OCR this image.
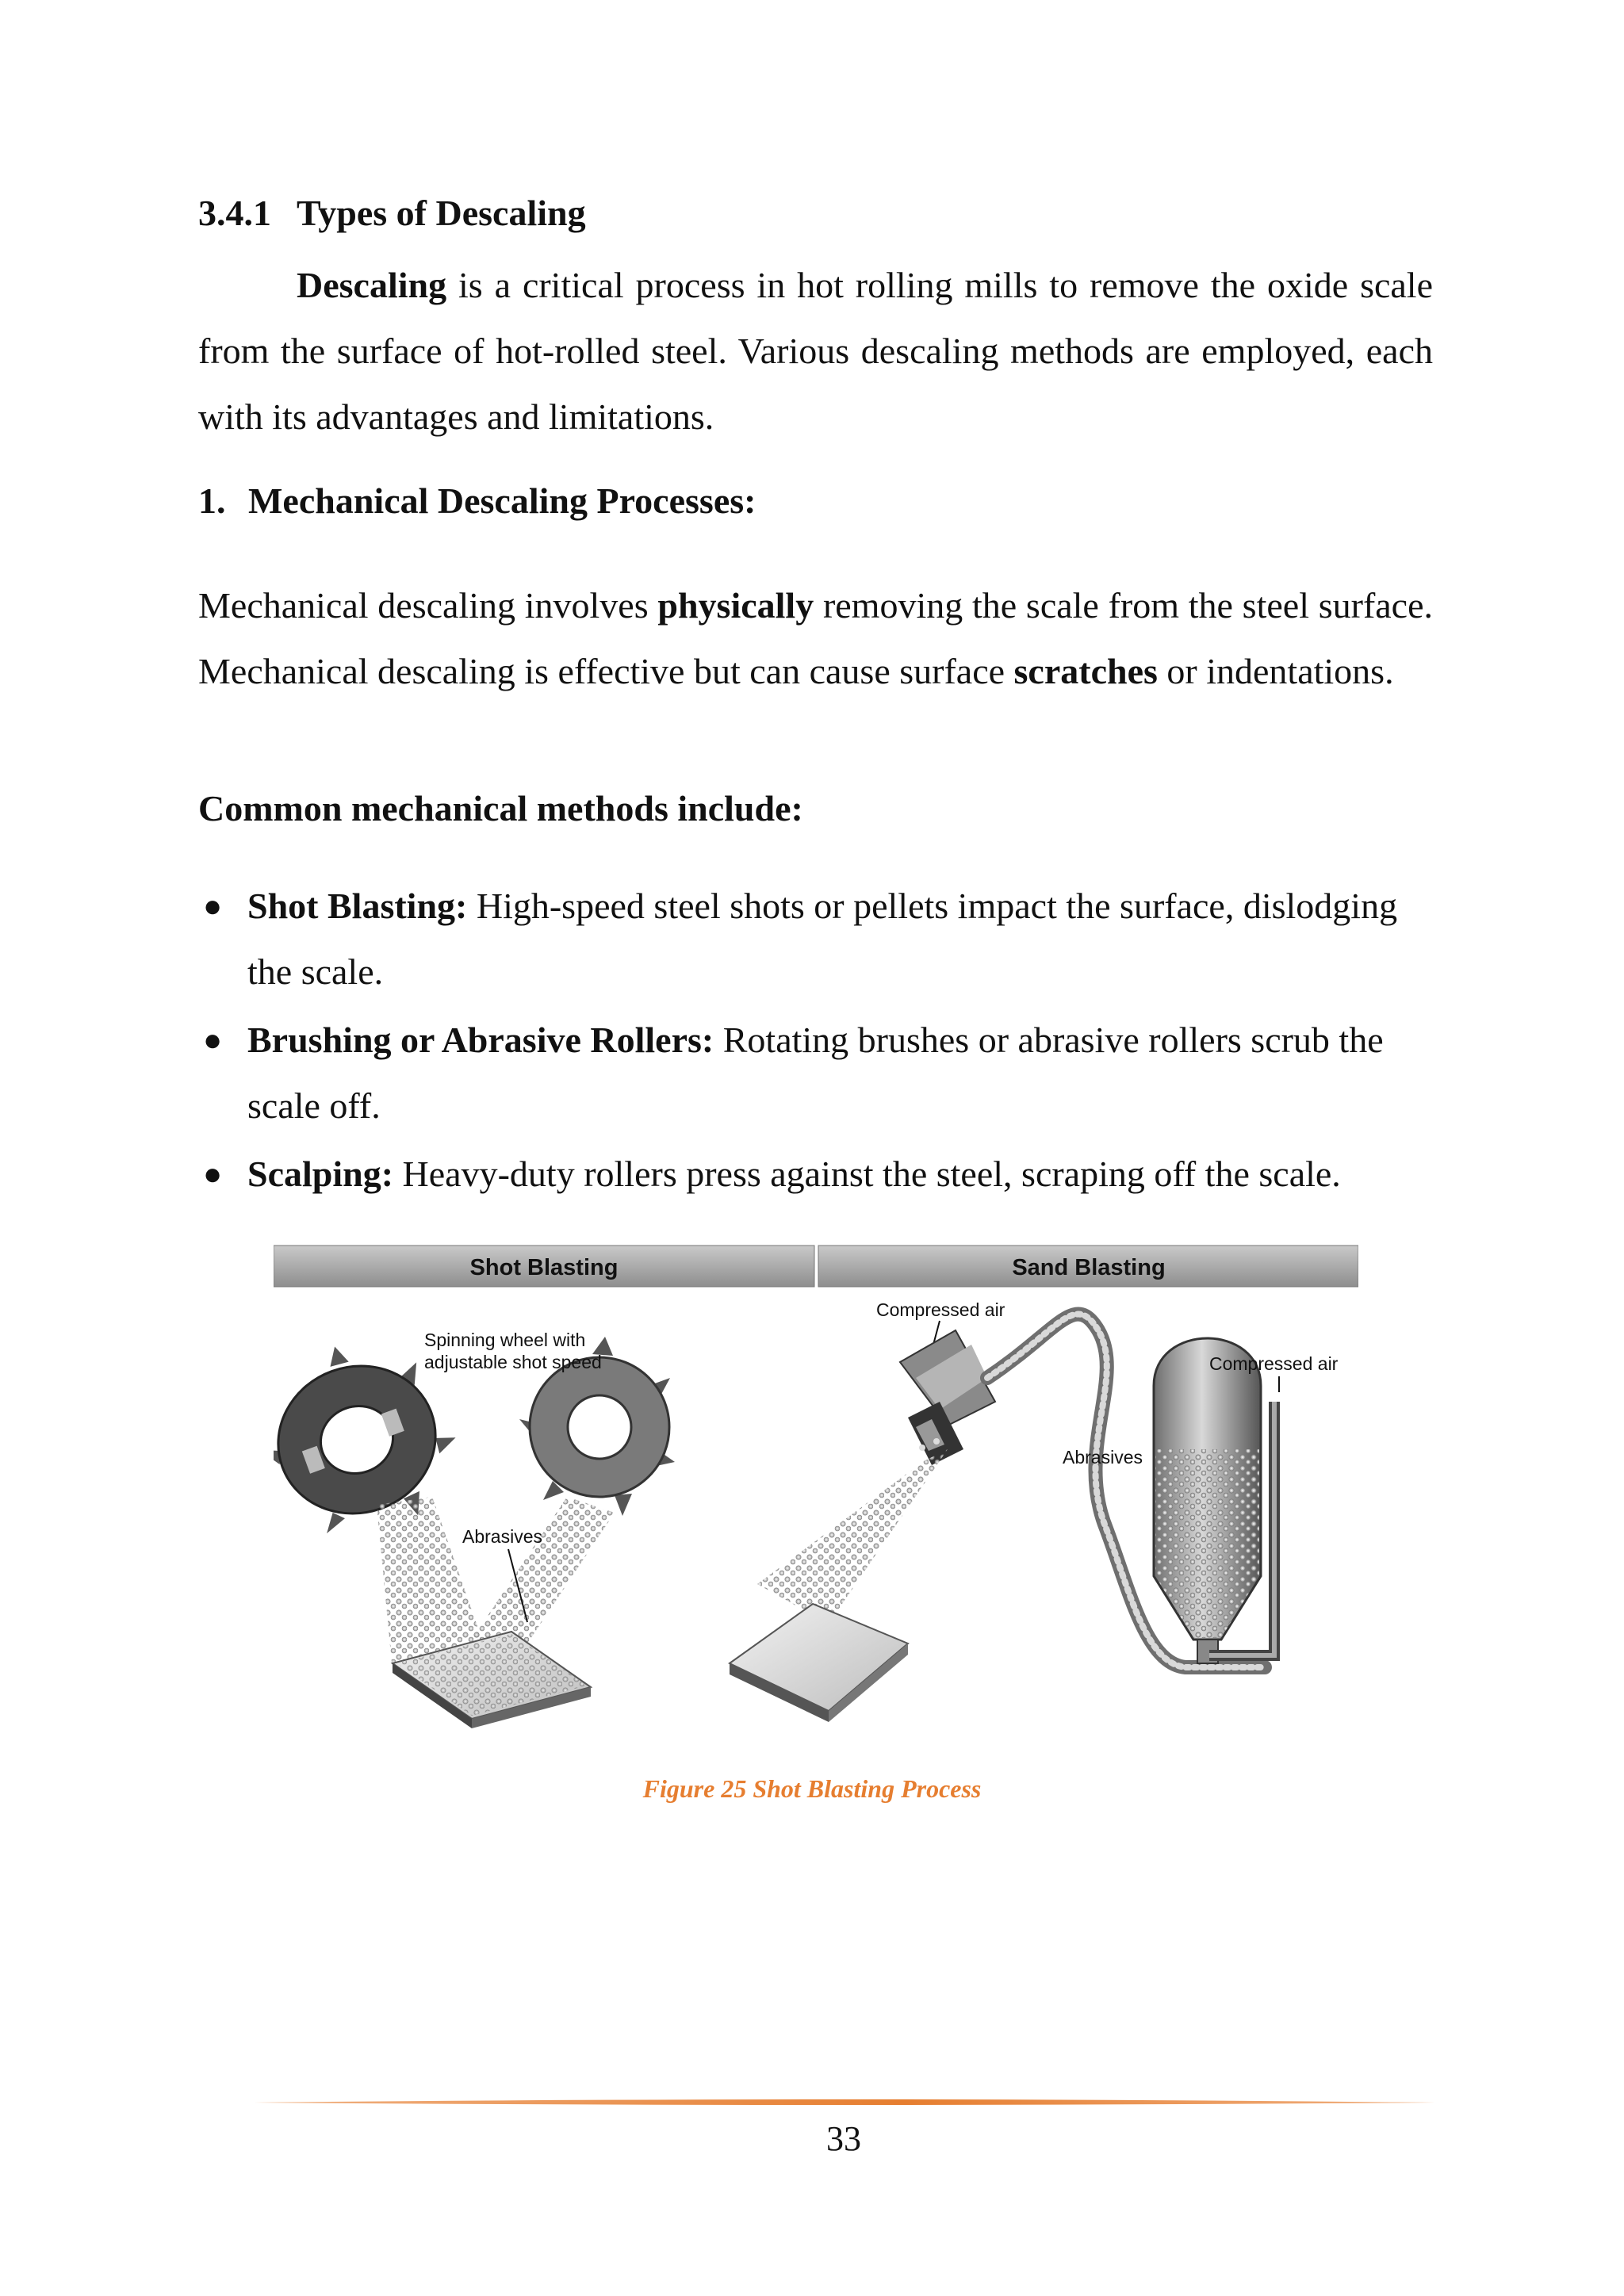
3.4.1 Types of Descaling

Descaling is a critical process in hot rolling mills to remove the oxide scale from the surface of hot-rolled steel. Various descaling methods are employed, each with its advantages and limitations.

1. Mechanical Descaling Processes:

Mechanical descaling involves physically removing the scale from the steel surface. Mechanical descaling is effective but can cause surface scratches or indentations.

Common mechanical methods include:

● Shot Blasting: High-speed steel shots or pellets impact the surface, dislodging the scale.
● Brushing or Abrasive Rollers: Rotating brushes or abrasive rollers scrub the scale off.
● Scalping: Heavy-duty rollers press against the steel, scraping off the scale.
Shot Blasting	Sand Blasting
Spinning wheel with
adjustable shot speed
Abrasives
Compressed air
Abrasives
Compressed air
Figure 25 Shot Blasting Process
33
